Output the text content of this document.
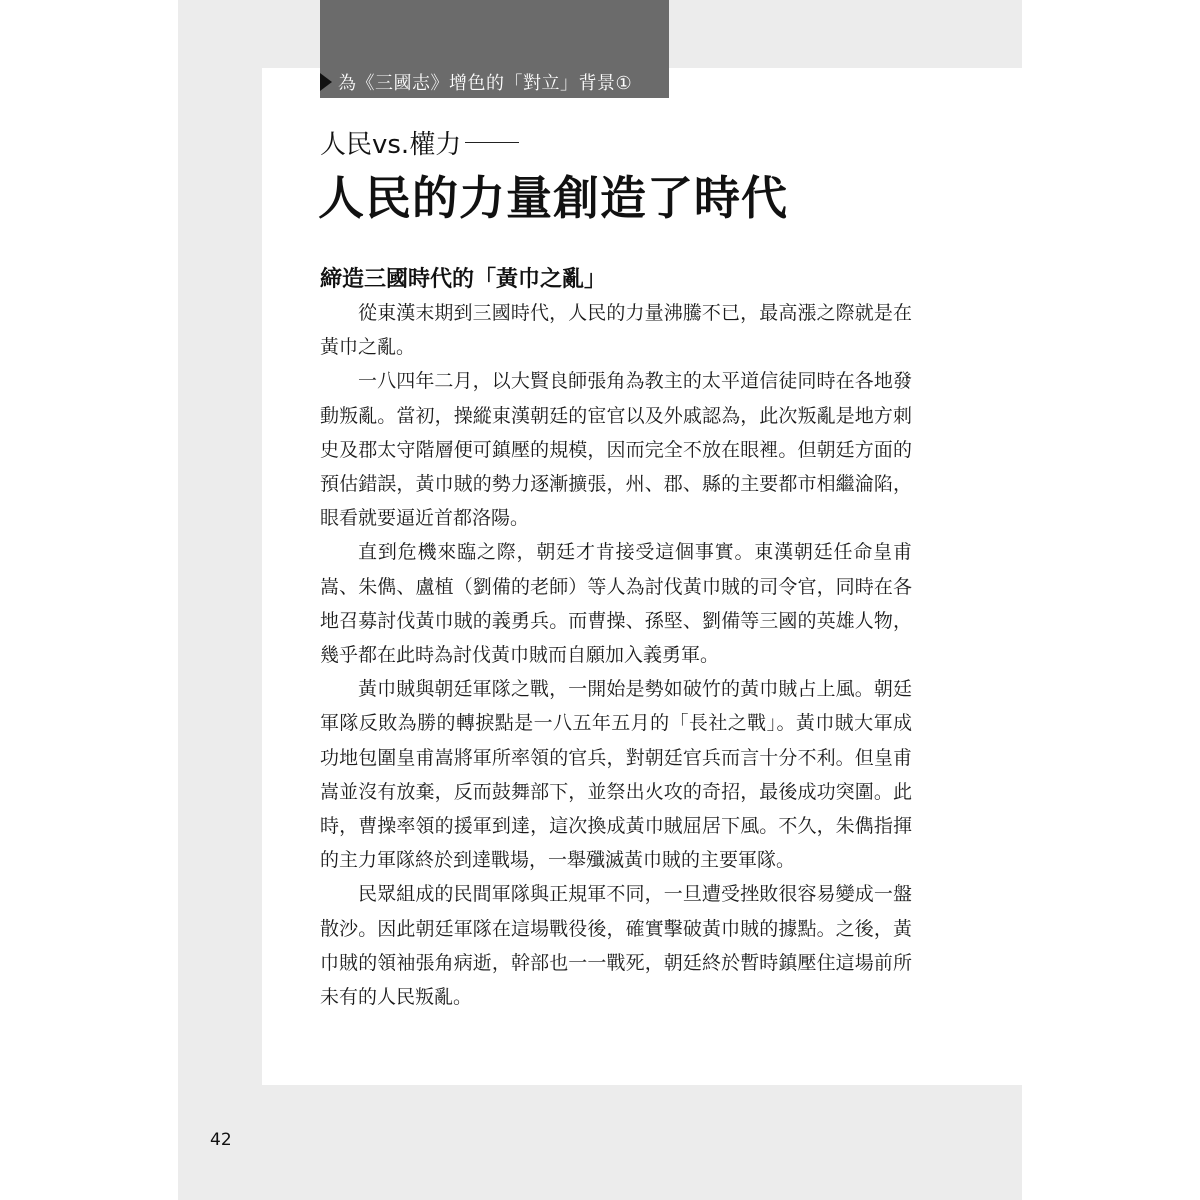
為《三國志》增色的「對立」背景①
人民vs.權力
人民的力量創造了時代
締造三國時代的「黃巾之亂」

從東漢末期到三國時代，人民的力量沸騰不已，最高漲之際就是在黃巾之亂。

一八四年二月，以大賢良師張角為教主的太平道信徒同時在各地發動叛亂。當初，操縱東漢朝廷的宦官以及外戚認為，此次叛亂是地方刺史及郡太守階層便可鎮壓的規模，因而完全不放在眼裡。但朝廷方面的預估錯誤，黃巾賊的勢力逐漸擴張，州、郡、縣的主要都市相繼淪陷，眼看就要逼近首都洛陽。

直到危機來臨之際，朝廷才肯接受這個事實。東漢朝廷任命皇甫嵩、朱儁、盧植（劉備的老師）等人為討伐黃巾賊的司令官，同時在各地召募討伐黃巾賊的義勇兵。而曹操、孫堅、劉備等三國的英雄人物，幾乎都在此時為討伐黃巾賊而自願加入義勇軍。

黃巾賊與朝廷軍隊之戰，一開始是勢如破竹的黃巾賊占上風。朝廷軍隊反敗為勝的轉捩點是一八五年五月的「長社之戰」。黃巾賊大軍成功地包圍皇甫嵩將軍所率領的官兵，對朝廷官兵而言十分不利。但皇甫嵩並沒有放棄，反而鼓舞部下，並祭出火攻的奇招，最後成功突圍。此時，曹操率領的援軍到達，這次換成黃巾賊屈居下風。不久，朱儁指揮的主力軍隊終於到達戰場，一舉殲滅黃巾賊的主要軍隊。

民眾組成的民間軍隊與正規軍不同，一旦遭受挫敗很容易變成一盤散沙。因此朝廷軍隊在這場戰役後，確實擊破黃巾賊的據點。之後，黃巾賊的領袖張角病逝，幹部也一一戰死，朝廷終於暫時鎮壓住這場前所未有的人民叛亂。

42
